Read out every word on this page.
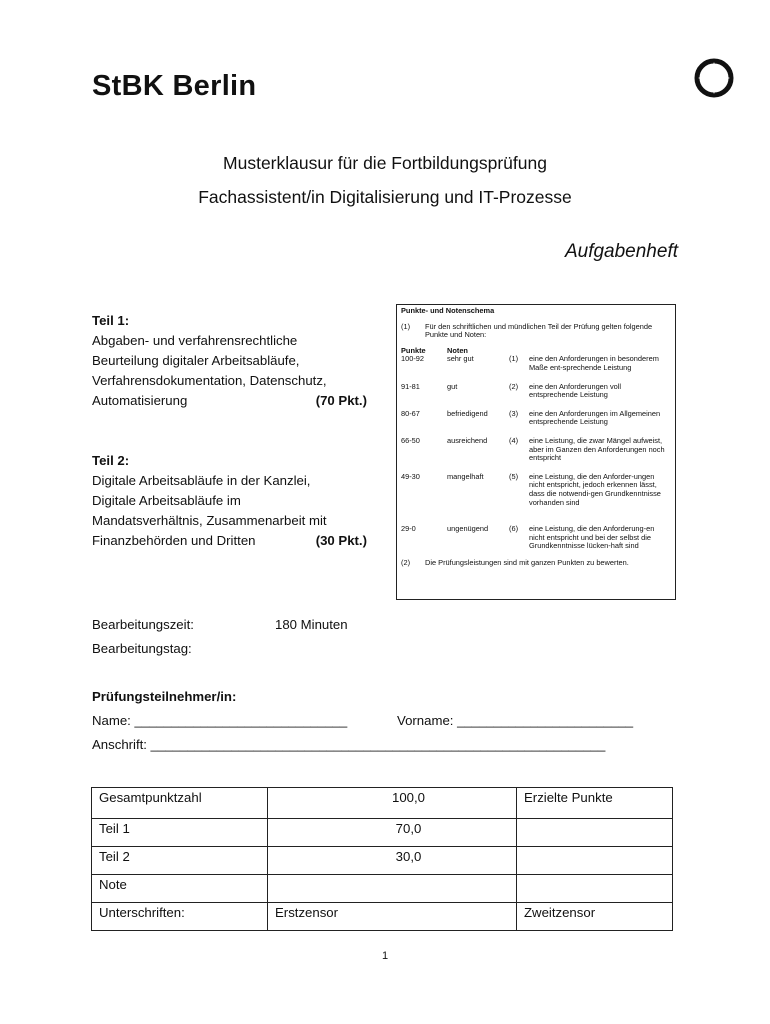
StBK Berlin
Musterklausur für die Fortbildungsprüfung
Fachassistent/in Digitalisierung und IT-Prozesse
Aufgabenheft
Teil 1:
Abgaben- und verfahrensrechtliche
Beurteilung digitaler Arbeitsabläufe,
Verfahrensdokumentation, Datenschutz,
Automatisierung	(70 Pkt.)
Teil 2:
Digitale Arbeitsabläufe in der Kanzlei,
Digitale Arbeitsabläufe im
Mandatsverhältnis, Zusammenarbeit mit
Finanzbehörden und Dritten	(30 Pkt.)
Punkte- und Notenschema
(1)	Für den schriftlichen und mündlichen Teil der Prüfung gelten folgende Punkte und Noten:
Punkte	Noten
100-92	sehr gut	(1)	eine den Anforderungen in besonderem Maße ent-sprechende Leistung
91-81	gut	(2)	eine den Anforderungen voll entsprechende Leistung
80-67	befriedigend	(3)	eine den Anforderungen im Allgemeinen entsprechende Leistung
66-50	ausreichend	(4)	eine Leistung, die zwar Mängel aufweist, aber im Ganzen den Anforderungen noch entspricht
49-30	mangelhaft	(5)	eine Leistung, die den Anforder-ungen nicht entspricht, jedoch erkennen lässt, dass die notwendi-gen Grundkenntnisse vorhanden sind
29-0	ungenügend	(6)	eine Leistung, die den Anforderung-en nicht entspricht und bei der selbst die Grundkenntnisse lücken-haft sind
(2)	Die Prüfungsleistungen sind mit ganzen Punkten zu bewerten.
Bearbeitungszeit:	180 Minuten
Bearbeitungstag:
Prüfungsteilnehmer/in:
Name: _____________________________	Vorname: ________________________
Anschrift: ______________________________________________________________
Gesamtpunktzahl	100,0	Erzielte Punkte
Teil 1	70,0	
Teil 2	30,0	
Note		
Unterschriften:	Erstzensor	Zweitzensor
1
